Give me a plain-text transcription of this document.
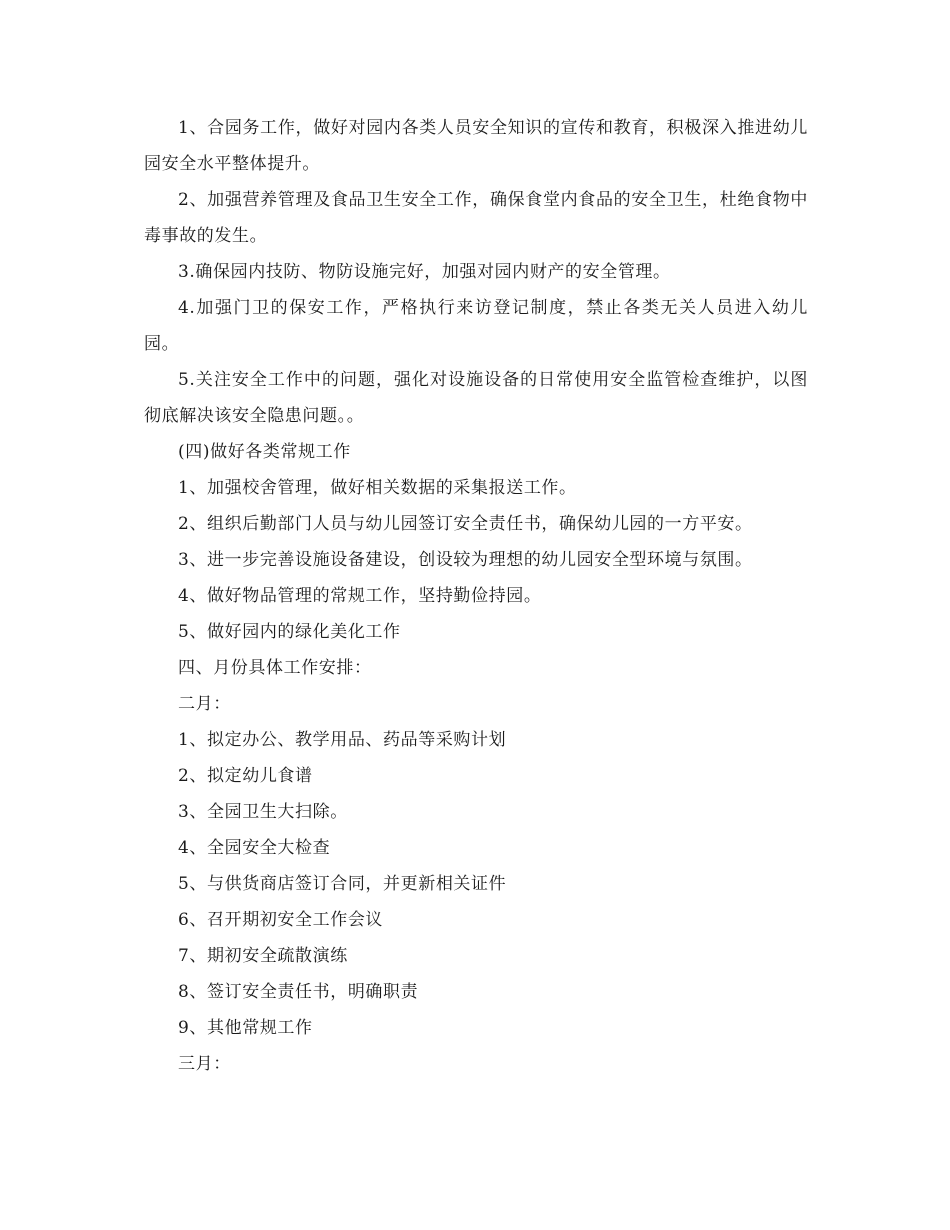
1、合园务工作，做好对园内各类人员安全知识的宣传和教育，积极深入推进幼儿园安全水平整体提升。

2、加强营养管理及食品卫生安全工作，确保食堂内食品的安全卫生，杜绝食物中毒事故的发生。

3.确保园内技防、物防设施完好，加强对园内财产的安全管理。

4.加强门卫的保安工作，严格执行来访登记制度，禁止各类无关人员进入幼儿园。

5.关注安全工作中的问题，强化对设施设备的日常使用安全监管检查维护，以图彻底解决该安全隐患问题。。

(四)做好各类常规工作

1、加强校舍管理，做好相关数据的采集报送工作。

2、组织后勤部门人员与幼儿园签订安全责任书，确保幼儿园的一方平安。

3、进一步完善设施设备建设，创设较为理想的幼儿园安全型环境与氛围。

4、做好物品管理的常规工作，坚持勤俭持园。

5、做好园内的绿化美化工作

四、月份具体工作安排：

二月：

1、拟定办公、教学用品、药品等采购计划

2、拟定幼儿食谱

3、全园卫生大扫除。

4、全园安全大检查

5、与供货商店签订合同，并更新相关证件

6、召开期初安全工作会议

7、期初安全疏散演练

8、签订安全责任书，明确职责

9、其他常规工作

三月：
